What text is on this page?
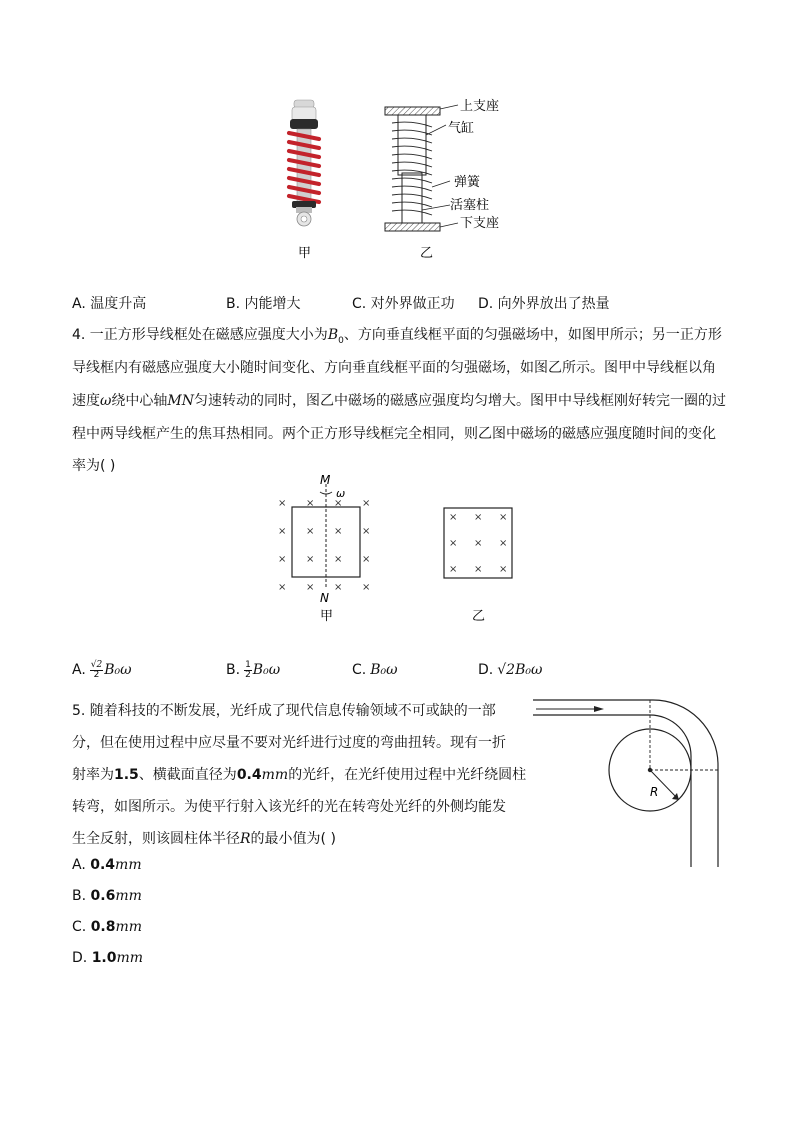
甲
上支座
气缸
弹簧
活塞柱
下支座
乙
A. 温度升高	B. 内能增大	C. 对外界做正功 D. 向外界放出了热量
4. 一正方形导线框处在磁感应强度大小为$B_0$、方向垂直线框平面的匀强磁场中，如图甲所示；另一正方形
导线框内有磁感应强度大小随时间变化、方向垂直线框平面的匀强磁场，如图乙所示。图甲中导线框以角
速度ω绕中心轴MN匀速转动的同时，图乙中磁场的磁感应强度均匀增大。图甲中导线框刚好转完一圈的过
程中两导线框产生的焦耳热相同。两个正方形导线框完全相同，则乙图中磁场的磁感应强度随时间的变化
率为( )
× × × ×
× × × ×
× × × ×
× × × ×
M
ω
N
甲
× × ×
× × ×
× × ×
乙
A. √2
2 B₀ω	B. 1
2 B₀ω	C. B₀ω	D. √2B₀ω
5. 随着科技的不断发展，光纤成了现代信息传输领域不可或缺的一部
分，但在使用过程中应尽量不要对光纤进行过度的弯曲扭转。现有一折
射率为1.5、横截面直径为0.4mm的光纤，在光纤使用过程中光纤绕圆柱
转弯，如图所示。为使平行射入该光纤的光在转弯处光纤的外侧均能发
生全反射，则该圆柱体半径R的最小值为( )
R
A. 0.4mm
B. 0.6mm
C. 0.8mm
D. 1.0mm
